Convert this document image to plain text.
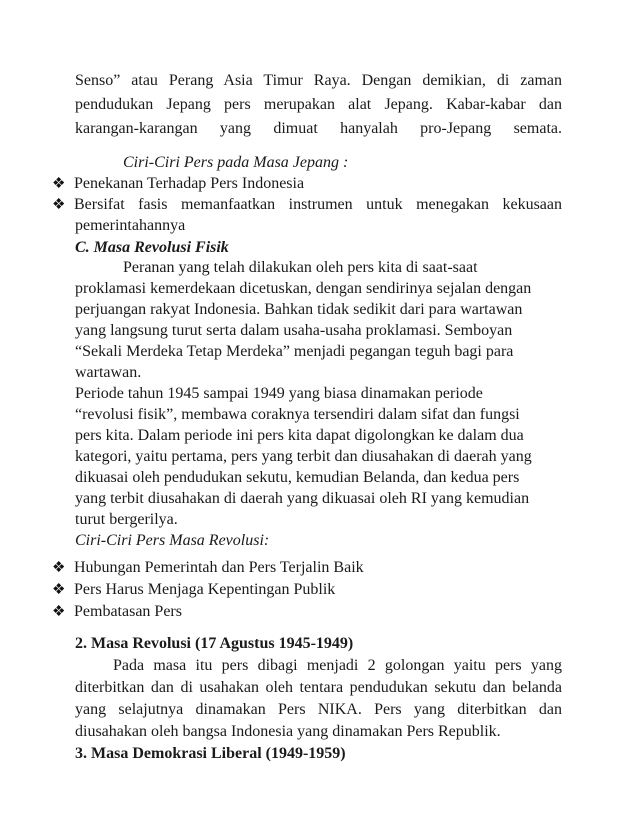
Senso” atau Perang Asia Timur Raya. Dengan demikian, di zaman
pendudukan Jepang pers merupakan alat Jepang. Kabar-kabar dan
karangan-karangan yang dimuat hanyalah pro-Jepang semata.
Ciri-Ciri Pers pada Masa Jepang :
❖ Penekanan Terhadap Pers Indonesia
❖ Bersifat fasis memanfaatkan instrumen untuk menegakan kekusaan
pemerintahannya
C. Masa Revolusi Fisik
Peranan yang telah dilakukan oleh pers kita di saat-saat
proklamasi kemerdekaan dicetuskan, dengan sendirinya sejalan dengan
perjuangan rakyat Indonesia. Bahkan tidak sedikit dari para wartawan
yang langsung turut serta dalam usaha-usaha proklamasi. Semboyan
“Sekali Merdeka Tetap Merdeka” menjadi pegangan teguh bagi para
wartawan.
Periode tahun 1945 sampai 1949 yang biasa dinamakan periode
“revolusi fisik”, membawa coraknya tersendiri dalam sifat dan fungsi
pers kita. Dalam periode ini pers kita dapat digolongkan ke dalam dua
kategori, yaitu pertama, pers yang terbit dan diusahakan di daerah yang
dikuasai oleh pendudukan sekutu, kemudian Belanda, dan kedua pers
yang terbit diusahakan di daerah yang dikuasai oleh RI yang kemudian
turut bergerilya.
Ciri-Ciri Pers Masa Revolusi:
❖ Hubungan Pemerintah dan Pers Terjalin Baik
❖ Pers Harus Menjaga Kepentingan Publik
❖ Pembatasan Pers
2. Masa Revolusi (17 Agustus 1945-1949)
Pada masa itu pers dibagi menjadi 2 golongan yaitu pers yang
diterbitkan dan di usahakan oleh tentara pendudukan sekutu dan belanda
yang selajutnya dinamakan Pers NIKA. Pers yang diterbitkan dan
diusahakan oleh bangsa Indonesia yang dinamakan Pers Republik.
3. Masa Demokrasi Liberal (1949-1959)
